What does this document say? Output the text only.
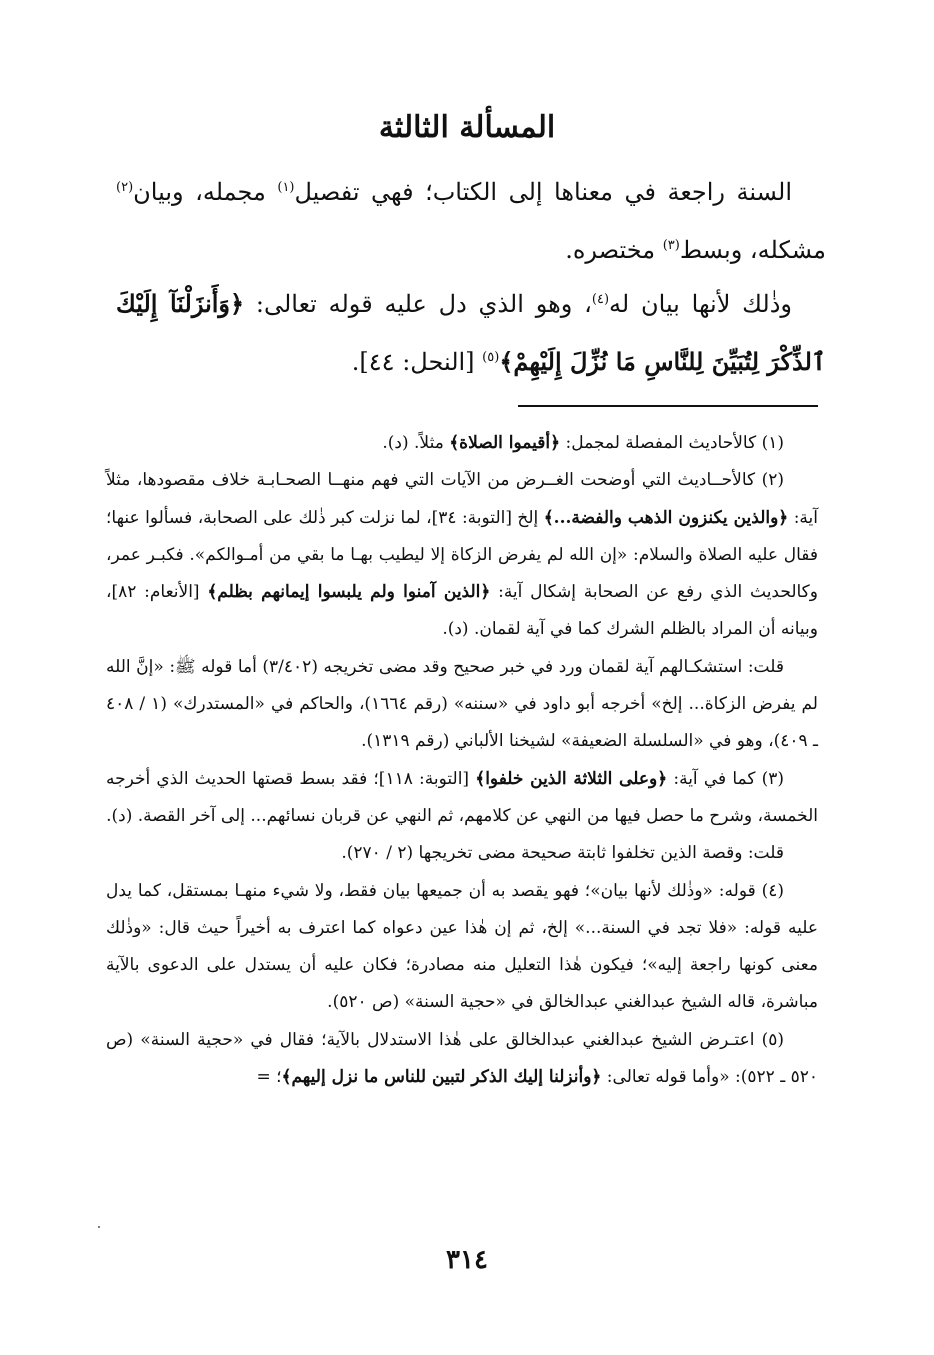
المسألة الثالثة

السنة راجعة في معناها إلى الكتاب؛ فهي تفصيل$^{(١)}$ مجمله، وبيان$^{(٢)}$ مشكله، وبسط$^{(٣)}$ مختصره.

وذٰلك لأنها بيان له$^{(٤)}$، وهو الذي دل عليه قوله تعالى: ﴿وَأَنزَلْنَآ إِلَيْكَ ٱلذِّكْرَ لِتُبَيِّنَ لِلنَّاسِ مَا نُزِّلَ إِلَيْهِمْ﴾$^{(٥)}$ [النحل: ٤٤].

(١) كالأحاديث المفصلة لمجمل: ﴿أقيموا الصلاة﴾ مثلاً. (د).

(٢) كالأحــاديث التي أوضحت الغــرض من الآيات التي فهم منهــا الصحـابـة خلاف مقصودها، مثلاً آية: ﴿والذين يكنزون الذهب والفضة...﴾ إلخ [التوبة: ٣٤]، لما نزلت كبر ذٰلك على الصحابة، فسألوا عنها؛ فقال عليه الصلاة والسلام: «إن الله لم يفرض الزكاة إلا ليطيب بهـا ما بقي من أمـوالكم». فكبـر عمر، وكالحديث الذي رفع عن الصحابة إشكال آية: ﴿الذين آمنوا ولم يلبسوا إيمانهم بظلم﴾ [الأنعام: ٨٢]، وبيانه أن المراد بالظلم الشرك كما في آية لقمان. (د).

قلت: استشكـالهم آية لقمان ورد في خبر صحيح وقد مضى تخريجه (٣/٤٠٢) أما قوله ﷺ: «إنَّ الله لم يفرض الزكاة... إلخ» أخرجه أبو داود في «سننه» (رقم ١٦٦٤)، والحاكم في «المستدرك» (١ / ٤٠٨ ـ ٤٠٩)، وهو في «السلسلة الضعيفة» لشيخنا الألباني (رقم ١٣١٩).

(٣) كما في آية: ﴿وعلى الثلاثة الذين خلفوا﴾ [التوبة: ١١٨]؛ فقد بسط قصتها الحديث الذي أخرجه الخمسة، وشرح ما حصل فيها من النهي عن كلامهم، ثم النهي عن قربان نسائهم... إلى آخر القصة. (د).

قلت: وقصة الذين تخلفوا ثابتة صحيحة مضى تخريجها (٢ / ٢٧٠).

(٤) قوله: «وذٰلك لأنها بيان»؛ فهو يقصد به أن جميعها بيان فقط، ولا شيء منهـا بمستقل، كما يدل عليه قوله: «فلا تجد في السنة...» إلخ، ثم إن هٰذا عين دعواه كما اعترف به أخيراً حيث قال: «وذٰلك معنى كونها راجعة إليه»؛ فيكون هٰذا التعليل منه مصادرة؛ فكان عليه أن يستدل على الدعوى بالآية مباشرة، قاله الشيخ عبدالغني عبدالخالق في «حجية السنة» (ص ٥٢٠).

(٥) اعتـرض الشيخ عبدالغني عبدالخالق على هٰذا الاستدلال بالآية؛ فقال في «حجية السنة» (ص ٥٢٠ ـ ٥٢٢): «وأما قوله تعالى: ﴿وأنزلنا إليك الذكر لتبين للناس ما نزل إليهم﴾؛ =

٣١٤
